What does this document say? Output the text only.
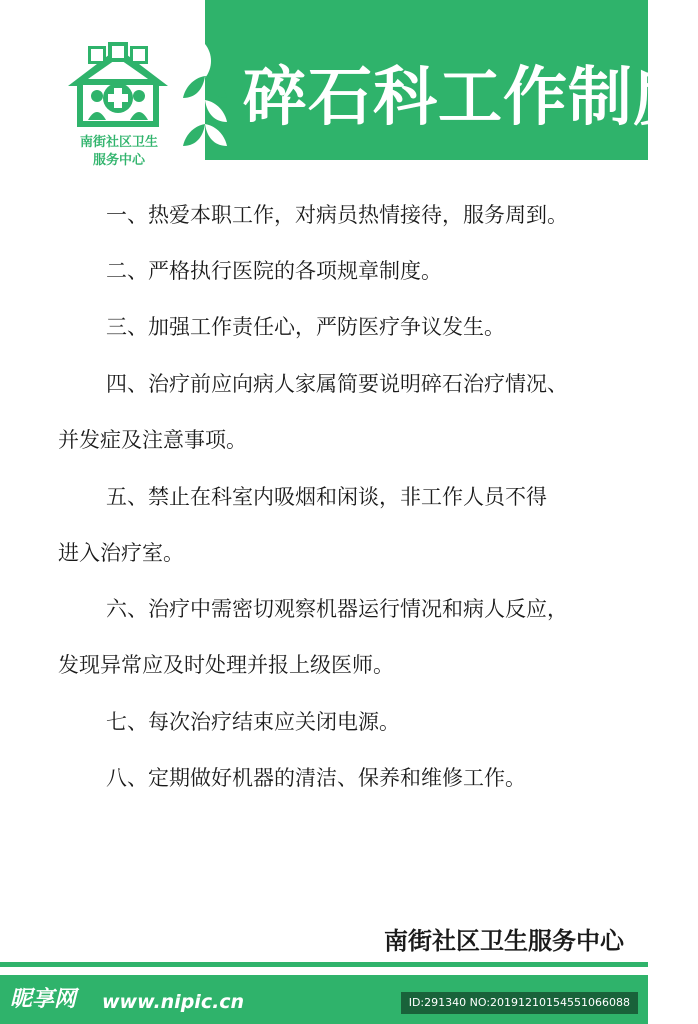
南街社区卫生
服务中心
碎石科工作制度
一、热爱本职工作，对病员热情接待，服务周到。
二、严格执行医院的各项规章制度。
三、加强工作责任心，严防医疗争议发生。
四、治疗前应向病人家属简要说明碎石治疗情况、
并发症及注意事项。
五、禁止在科室内吸烟和闲谈，非工作人员不得
进入治疗室。
六、治疗中需密切观察机器运行情况和病人反应，
发现异常应及时处理并报上级医师。
七、每次治疗结束应关闭电源。
八、定期做好机器的清洁、保养和维修工作。
南街社区卫生服务中心
昵享网 www.nipic.cn	ID:291340 NO:20191210154551066088
